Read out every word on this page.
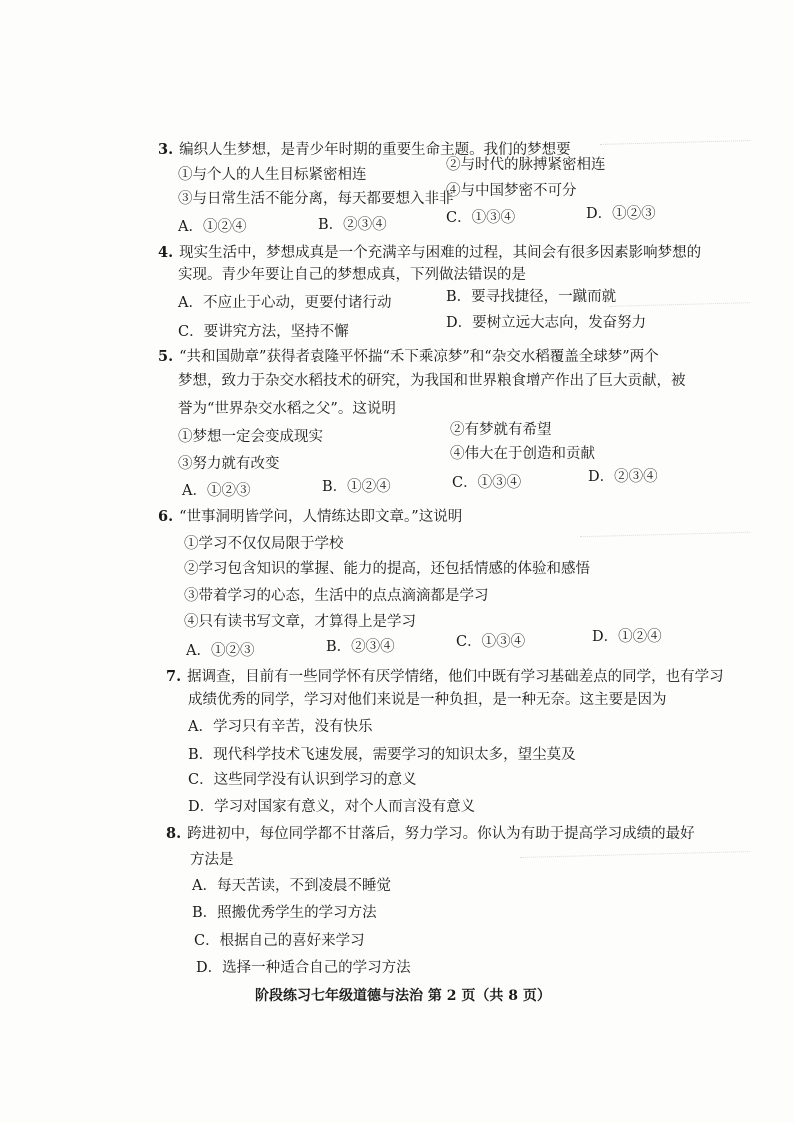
3. 编织人生梦想，是青少年时期的重要生命主题。我们的梦想要
①与个人的人生目标紧密相连
②与时代的脉搏紧密相连
③与日常生活不能分离，每天都要想入非非
④与中国梦密不可分
A．①②④	B．②③④	C．①③④	D．①②③
4. 现实生活中，梦想成真是一个充满辛与困难的过程，其间会有很多因素影响梦想的
实现。青少年要让自己的梦想成真，下列做法错误的是
A．不应止于心动，更要付诸行动	B．要寻找捷径，一蹴而就
C．要讲究方法，坚持不懈
D．要树立远大志向，发奋努力
5. “共和国勋章”获得者袁隆平怀揣“禾下乘凉梦”和“杂交水稻覆盖全球梦”两个
梦想，致力于杂交水稻技术的研究，为我国和世界粮食增产作出了巨大贡献，被
誉为“世界杂交水稻之父”。这说明
①梦想一定会变成现实	②有梦就有希望
③努力就有改变
④伟大在于创造和贡献
A．①②③	B．①②④	C．①③④	D．②③④
6. “世事洞明皆学问，人情练达即文章。”这说明
①学习不仅仅局限于学校
②学习包含知识的掌握、能力的提高，还包括情感的体验和感悟
③带着学习的心态，生活中的点点滴滴都是学习
④只有读书写文章，才算得上是学习
A．①②③	B．②③④	C．①③④	D．①②④
7. 据调查，目前有一些同学怀有厌学情绪，他们中既有学习基础差点的同学，也有学习
成绩优秀的同学，学习对他们来说是一种负担，是一种无奈。这主要是因为
A．学习只有辛苦，没有快乐
B．现代科学技术飞速发展，需要学习的知识太多，望尘莫及
C．这些同学没有认识到学习的意义
D．学习对国家有意义，对个人而言没有意义
8. 跨进初中，每位同学都不甘落后，努力学习。你认为有助于提高学习成绩的最好
方法是
A．每天苦读，不到凌晨不睡觉
B．照搬优秀学生的学习方法
C．根据自己的喜好来学习
D．选择一种适合自己的学习方法
阶段练习七年级道德与法治 第 2 页（共 8 页）
